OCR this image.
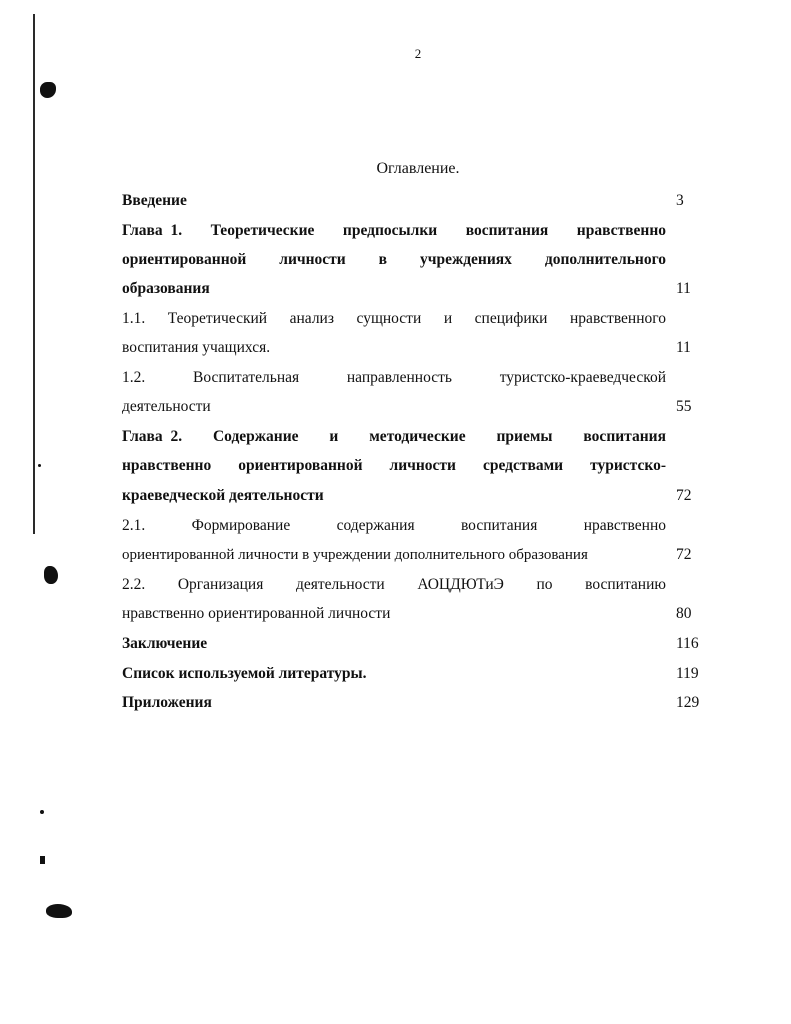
2
Оглавление.
Введение	3
Глава 1. Теоретические предпосылки воспитания нравственно
ориентированной личности в учреждениях дополнительного
образования	11
1.1. Теоретический анализ сущности и специфики нравственного
воспитания учащихся.	11
1.2.	Воспитательная	направленность	туристско-краеведческой
деятельности	55
Глава 2. Содержание и методические приемы воспитания
нравственно ориентированной личности средствами туристско-
краеведческой деятельности	72
2.1.	Формирование	содержания	воспитания	нравственно
ориентированной личности в учреждении дополнительного образования	72
2.2. Организация деятельности АОЦДЮТиЭ по воспитанию
нравственно ориентированной личности	80
Заключение	116
Список используемой литературы.	119
Приложения	129
